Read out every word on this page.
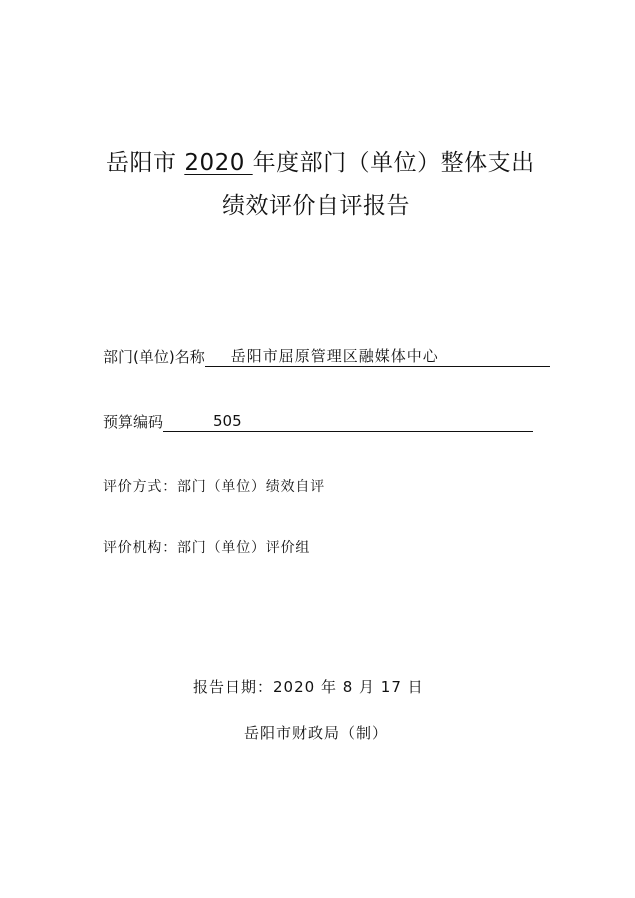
岳阳市 2020 年度部门（单位）整体支出
绩效评价自评报告
部门(单位)名称 岳阳市屈原管理区融媒体中心
预算编码	505
评价方式：部门（单位）绩效自评
评价机构：部门（单位）评价组
报告日期：2020 年 8 月 17 日
岳阳市财政局（制）
